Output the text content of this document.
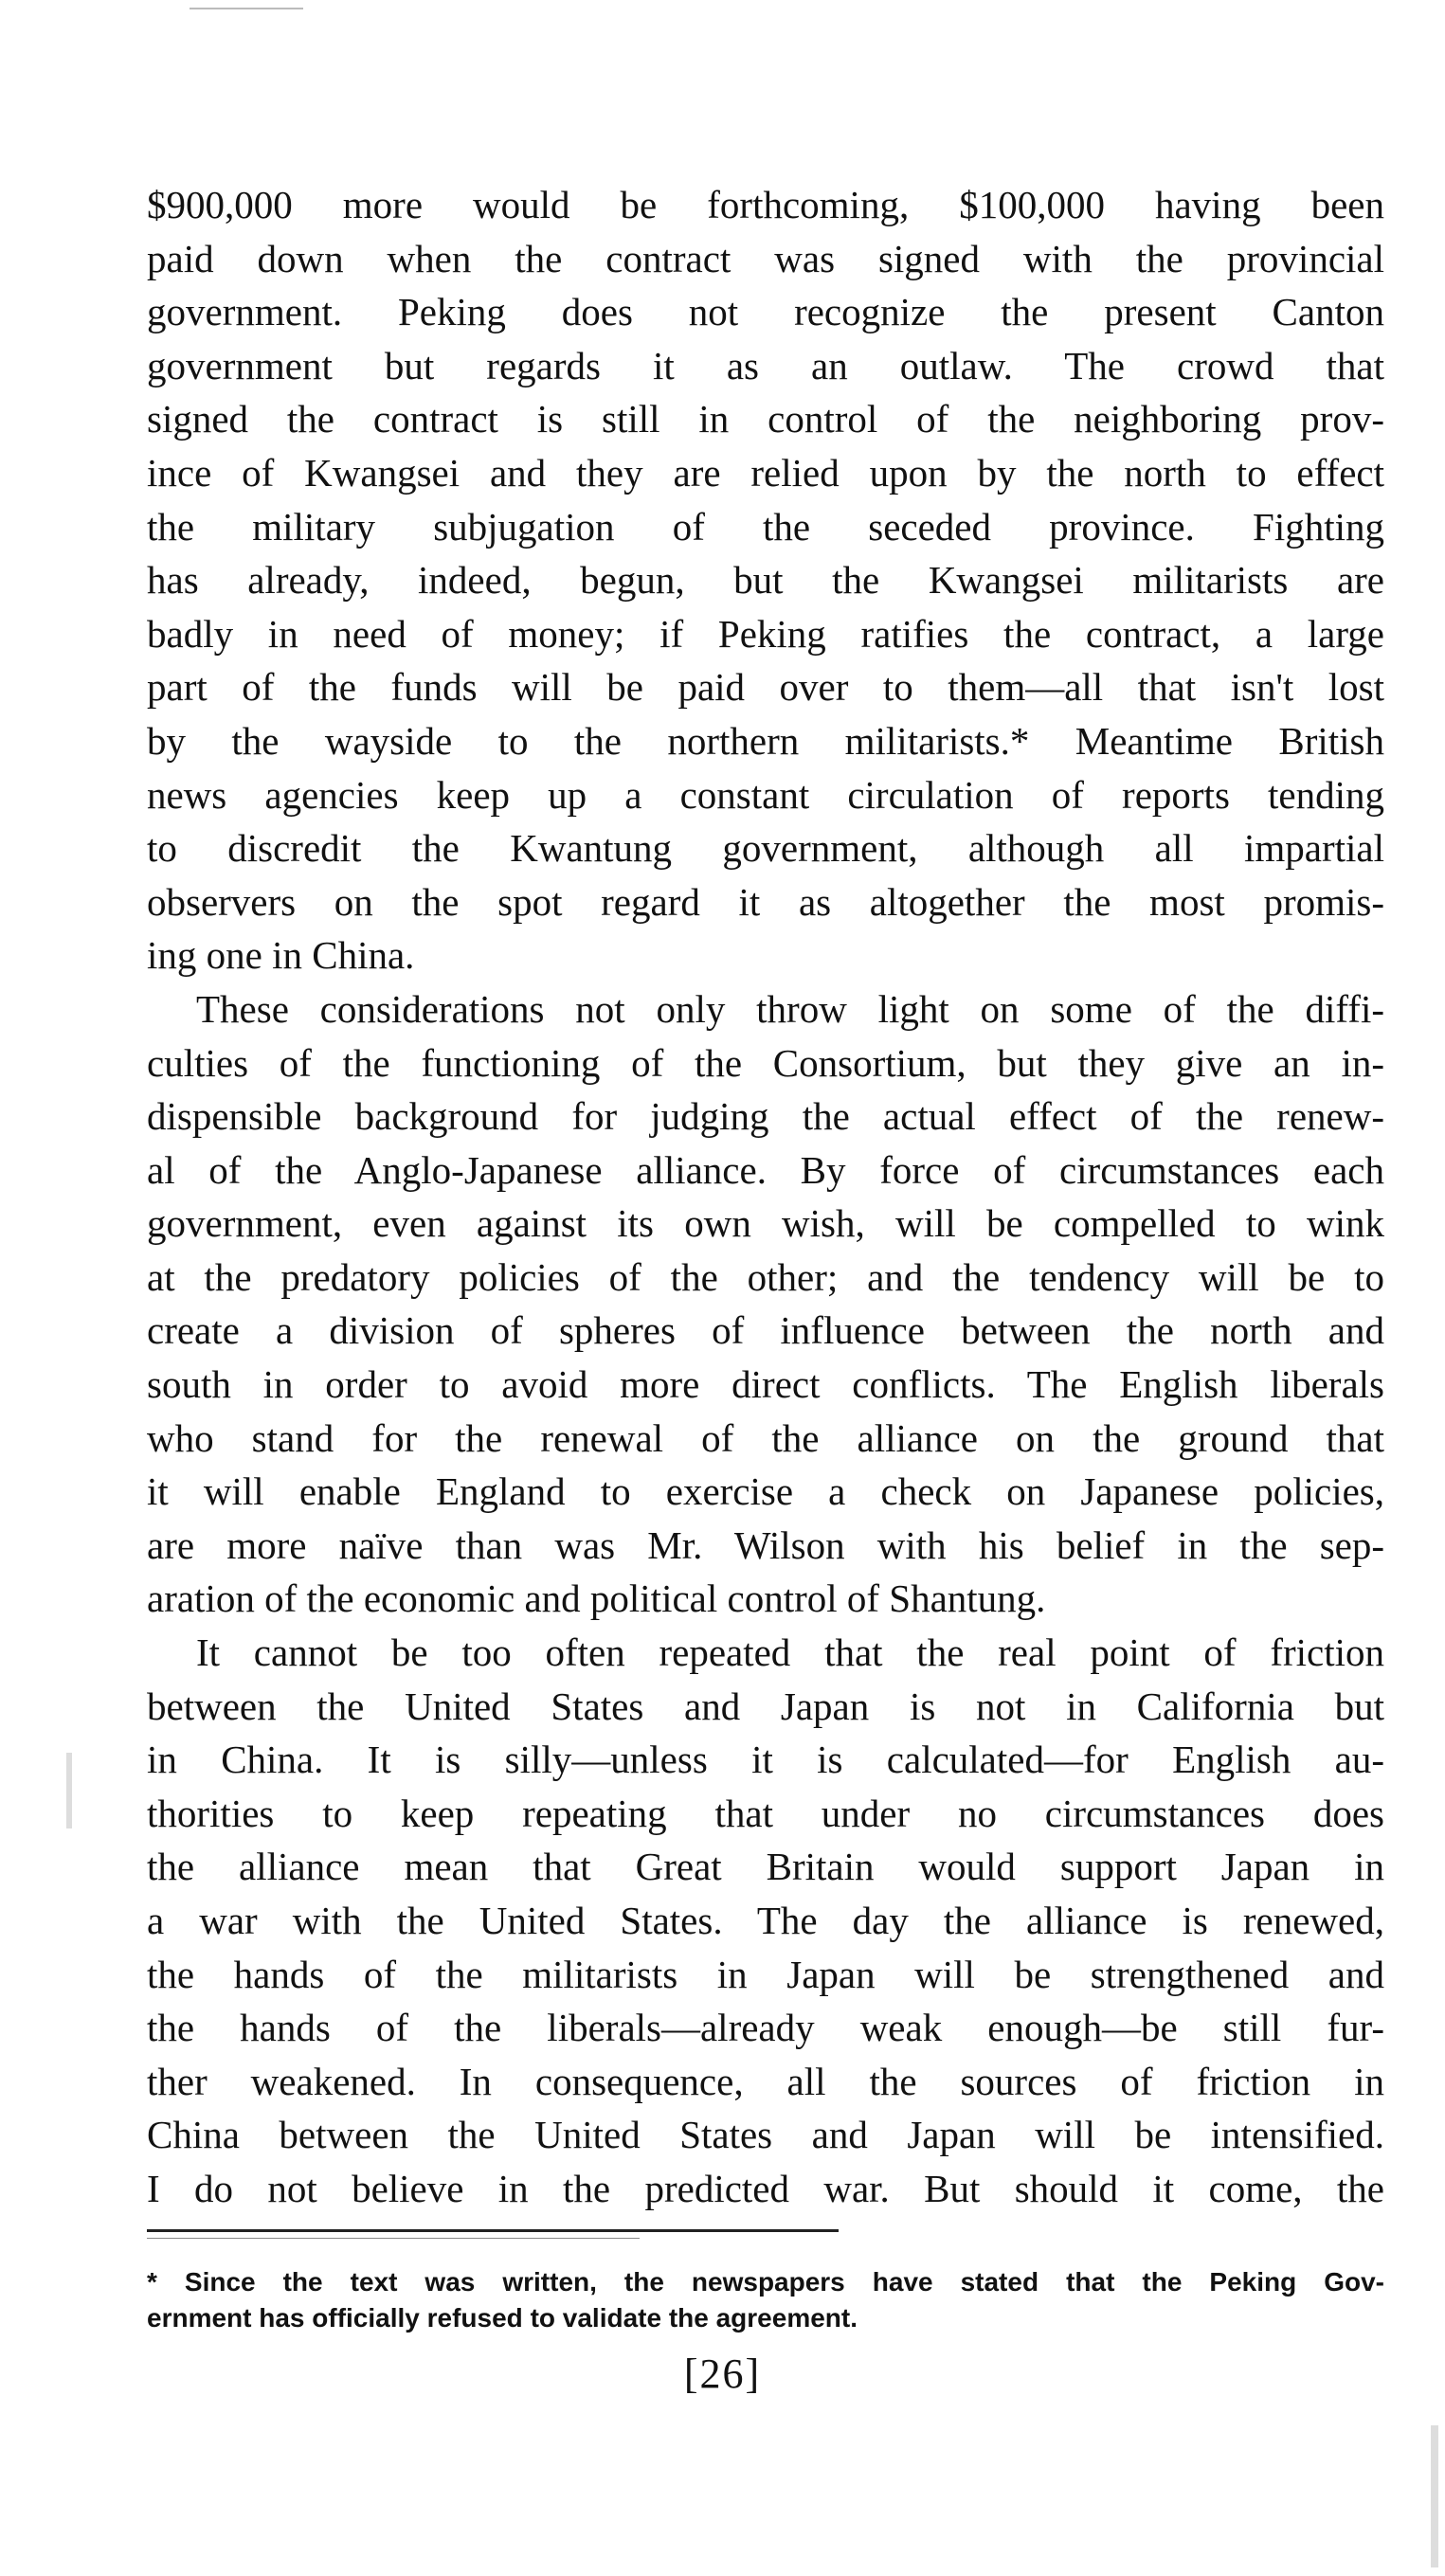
$900,000 more would be forthcoming, $100,000 having been
paid down when the contract was signed with the provincial
government. Peking does not recognize the present Canton
government but regards it as an outlaw. The crowd that
signed the contract is still in control of the neighboring prov-
ince of Kwangsei and they are relied upon by the north to effect
the military subjugation of the seceded province. Fighting
has already, indeed, begun, but the Kwangsei militarists are
badly in need of money; if Peking ratifies the contract, a large
part of the funds will be paid over to them—all that isn't lost
by the wayside to the northern militarists.* Meantime British
news agencies keep up a constant circulation of reports tending
to discredit the Kwantung government, although all impartial
observers on the spot regard it as altogether the most promis-
ing one in China.
These considerations not only throw light on some of the diffi-
culties of the functioning of the Consortium, but they give an in-
dispensible background for judging the actual effect of the renew-
al of the Anglo-Japanese alliance. By force of circumstances each
government, even against its own wish, will be compelled to wink
at the predatory policies of the other; and the tendency will be to
create a division of spheres of influence between the north and
south in order to avoid more direct conflicts. The English liberals
who stand for the renewal of the alliance on the ground that
it will enable England to exercise a check on Japanese policies,
are more naïve than was Mr. Wilson with his belief in the sep-
aration of the economic and political control of Shantung.
It cannot be too often repeated that the real point of friction
between the United States and Japan is not in California but
in China. It is silly—unless it is calculated—for English au-
thorities to keep repeating that under no circumstances does
the alliance mean that Great Britain would support Japan in
a war with the United States. The day the alliance is renewed,
the hands of the militarists in Japan will be strengthened and
the hands of the liberals—already weak enough—be still fur-
ther weakened. In consequence, all the sources of friction in
China between the United States and Japan will be intensified.
I do not believe in the predicted war. But should it come, the
* Since the text was written, the newspapers have stated that the Peking Gov-
ernment has officially refused to validate the agreement.
[26]
